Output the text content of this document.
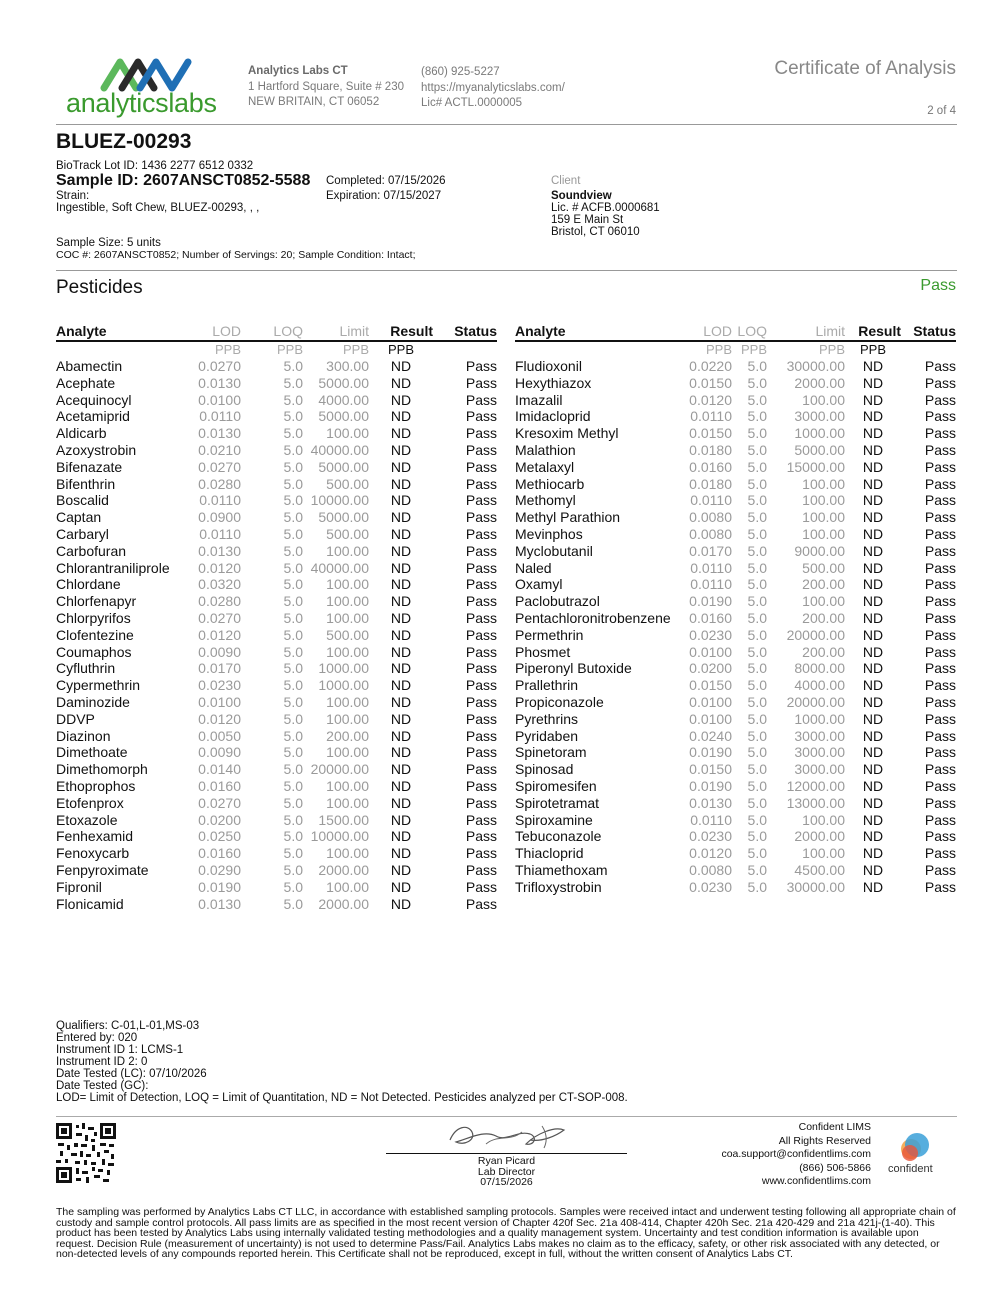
analyticslabs
Analytics Labs CT
1 Hartford Square, Suite # 230
NEW BRITAIN, CT 06052
(860) 925-5227
https://myanalyticslabs.com/
Lic# ACTL.0000005
Certificate of Analysis
2 of 4
BLUEZ-00293
BioTrack Lot ID: 1436 2277 6512 0332
Sample ID: 2607ANSCT0852-5588
Strain:
Ingestible, Soft Chew, BLUEZ-00293, , ,
Completed: 07/15/2026
Expiration: 07/15/2027
Client
Soundview
Lic. # ACFB.0000681
159 E Main St
Bristol, CT 06010
Sample Size: 5 units
COC #: 2607ANSCT0852; Number of Servings: 20; Sample Condition: Intact;
Pesticides	Pass
Analyte	LOD	LOQ	Limit	Result	Status
	PPB	PPB	PPB	PPB	
Abamectin	0.0270	5.0	300.00	ND	Pass
Acephate	0.0130	5.0	5000.00	ND	Pass
Acequinocyl	0.0100	5.0	4000.00	ND	Pass
Acetamiprid	0.0110	5.0	5000.00	ND	Pass
Aldicarb	0.0130	5.0	100.00	ND	Pass
Azoxystrobin	0.0210	5.0	40000.00	ND	Pass
Bifenazate	0.0270	5.0	5000.00	ND	Pass
Bifenthrin	0.0280	5.0	500.00	ND	Pass
Boscalid	0.0110	5.0	10000.00	ND	Pass
Captan	0.0900	5.0	5000.00	ND	Pass
Carbaryl	0.0110	5.0	500.00	ND	Pass
Carbofuran	0.0130	5.0	100.00	ND	Pass
Chlorantraniliprole	0.0120	5.0	40000.00	ND	Pass
Chlordane	0.0320	5.0	100.00	ND	Pass
Chlorfenapyr	0.0280	5.0	100.00	ND	Pass
Chlorpyrifos	0.0270	5.0	100.00	ND	Pass
Clofentezine	0.0120	5.0	500.00	ND	Pass
Coumaphos	0.0090	5.0	100.00	ND	Pass
Cyfluthrin	0.0170	5.0	1000.00	ND	Pass
Cypermethrin	0.0230	5.0	1000.00	ND	Pass
Daminozide	0.0100	5.0	100.00	ND	Pass
DDVP	0.0120	5.0	100.00	ND	Pass
Diazinon	0.0050	5.0	200.00	ND	Pass
Dimethoate	0.0090	5.0	100.00	ND	Pass
Dimethomorph	0.0140	5.0	20000.00	ND	Pass
Ethoprophos	0.0160	5.0	100.00	ND	Pass
Etofenprox	0.0270	5.0	100.00	ND	Pass
Etoxazole	0.0200	5.0	1500.00	ND	Pass
Fenhexamid	0.0250	5.0	10000.00	ND	Pass
Fenoxycarb	0.0160	5.0	100.00	ND	Pass
Fenpyroximate	0.0290	5.0	2000.00	ND	Pass
Fipronil	0.0190	5.0	100.00	ND	Pass
Flonicamid	0.0130	5.0	2000.00	ND	Pass
Analyte	LOD	LOQ	Limit	Result	Status
	PPB	PPB	PPB	PPB	
Fludioxonil	0.0220	5.0	30000.00	ND	Pass
Hexythiazox	0.0150	5.0	2000.00	ND	Pass
Imazalil	0.0120	5.0	100.00	ND	Pass
Imidacloprid	0.0110	5.0	3000.00	ND	Pass
Kresoxim Methyl	0.0150	5.0	1000.00	ND	Pass
Malathion	0.0180	5.0	5000.00	ND	Pass
Metalaxyl	0.0160	5.0	15000.00	ND	Pass
Methiocarb	0.0180	5.0	100.00	ND	Pass
Methomyl	0.0110	5.0	100.00	ND	Pass
Methyl Parathion	0.0080	5.0	100.00	ND	Pass
Mevinphos	0.0080	5.0	100.00	ND	Pass
Myclobutanil	0.0170	5.0	9000.00	ND	Pass
Naled	0.0110	5.0	500.00	ND	Pass
Oxamyl	0.0110	5.0	200.00	ND	Pass
Paclobutrazol	0.0190	5.0	100.00	ND	Pass
Pentachloronitrobenzene	0.0160	5.0	200.00	ND	Pass
Permethrin	0.0230	5.0	20000.00	ND	Pass
Phosmet	0.0100	5.0	200.00	ND	Pass
Piperonyl Butoxide	0.0200	5.0	8000.00	ND	Pass
Prallethrin	0.0150	5.0	4000.00	ND	Pass
Propiconazole	0.0100	5.0	20000.00	ND	Pass
Pyrethrins	0.0100	5.0	1000.00	ND	Pass
Pyridaben	0.0240	5.0	3000.00	ND	Pass
Spinetoram	0.0190	5.0	3000.00	ND	Pass
Spinosad	0.0150	5.0	3000.00	ND	Pass
Spiromesifen	0.0190	5.0	12000.00	ND	Pass
Spirotetramat	0.0130	5.0	13000.00	ND	Pass
Spiroxamine	0.0110	5.0	100.00	ND	Pass
Tebuconazole	0.0230	5.0	2000.00	ND	Pass
Thiacloprid	0.0120	5.0	100.00	ND	Pass
Thiamethoxam	0.0080	5.0	4500.00	ND	Pass
Trifloxystrobin	0.0230	5.0	30000.00	ND	Pass
Qualifiers: C-01,L-01,MS-03
Entered by: 020
Instrument ID 1: LCMS-1
Instrument ID 2: 0
Date Tested (LC): 07/10/2026
Date Tested (GC):
LOD= Limit of Detection, LOQ = Limit of Quantitation, ND = Not Detected. Pesticides analyzed per CT-SOP-008.
Ryan Picard
Lab Director
07/15/2026
Confident LIMS
All Rights Reserved
coa.support@confidentlims.com
(866) 506-5866
www.confidentlims.com
confident
The sampling was performed by Analytics Labs CT LLC, in accordance with established sampling protocols. Samples were received intact and underwent testing following all appropriate chain of custody and sample control protocols. All pass limits are as specified in the most recent version of Chapter 420f Sec. 21a 408-414, Chapter 420h Sec. 21a 420-429 and 21a 421j-(1-40). This product has been tested by Analytics Labs using internally validated testing methodologies and a quality management system. Uncertainty and test condition information is available upon request. Decision Rule (measurement of uncertainty) is not used to determine Pass/Fail. Analytics Labs makes no claim as to the efficacy, safety, or other risk associated with any detected, or non-detected levels of any compounds reported herein. This Certificate shall not be reproduced, except in full, without the written consent of Analytics Labs CT.
